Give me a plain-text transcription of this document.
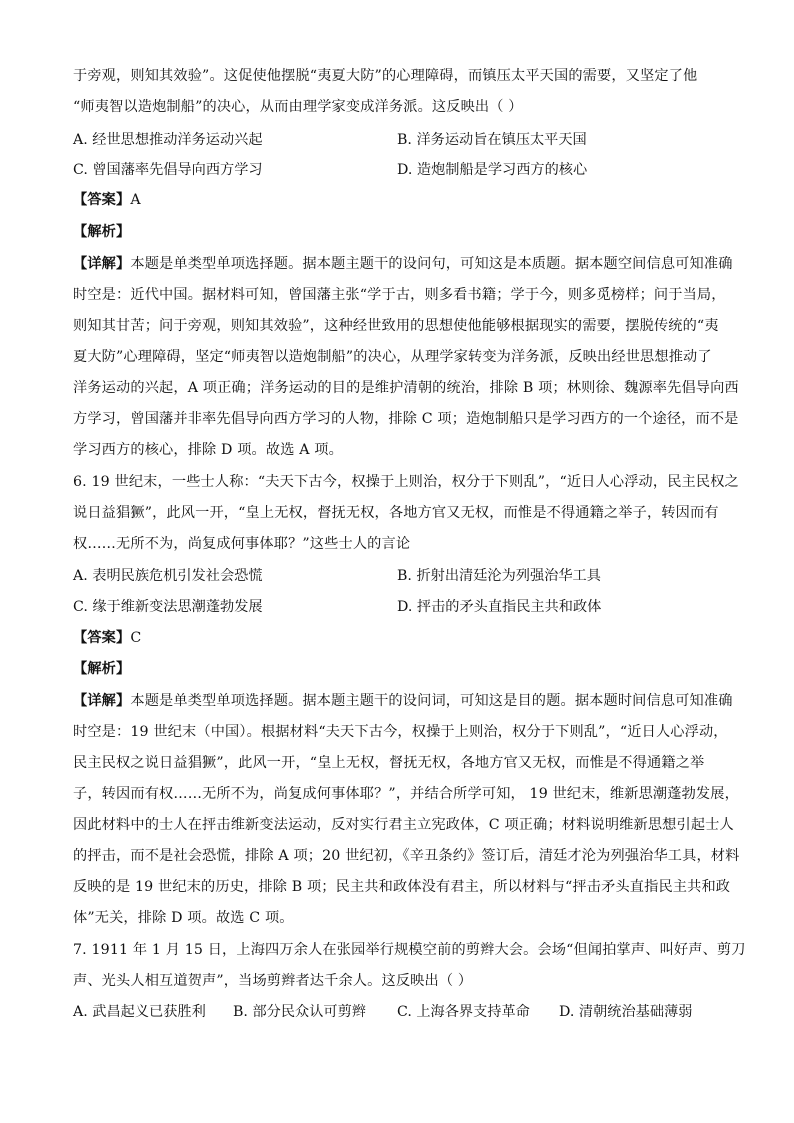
于旁观，则知其效验”。这促使他摆脱“夷夏大防”的心理障碍，而镇压太平天国的需要，又坚定了他
“师夷智以造炮制船”的决心，从而由理学家变成洋务派。这反映出（ ）
A. 经世思想推动洋务运动兴起	B. 洋务运动旨在镇压太平天国
C. 曾国藩率先倡导向西方学习	D. 造炮制船是学习西方的核心
【答案】A
【解析】
【详解】本题是单类型单项选择题。据本题主题干的设问句，可知这是本质题。据本题空间信息可知准确
时空是：近代中国。据材料可知，曾国藩主张“学于古，则多看书籍；学于今，则多觅榜样；问于当局，
则知其甘苦；问于旁观，则知其效验”，这种经世致用的思想使他能够根据现实的需要，摆脱传统的“夷
夏大防”心理障碍，坚定“师夷智以造炮制船”的决心，从理学家转变为洋务派，反映出经世思想推动了
洋务运动的兴起，A 项正确；洋务运动的目的是维护清朝的统治，排除 B 项；林则徐、魏源率先倡导向西
方学习，曾国藩并非率先倡导向西方学习的人物，排除 C 项；造炮制船只是学习西方的一个途径，而不是
学习西方的核心，排除 D 项。故选 A 项。
6. 19 世纪末，一些士人称：“夫天下古今，权操于上则治，权分于下则乱”，“近日人心浮动，民主民权之
说日益猖獗”，此风一开，“皇上无权，督抚无权，各地方官又无权，而惟是不得通籍之举子，转因而有
权……无所不为，尚复成何事体耶？”这些士人的言论
A. 表明民族危机引发社会恐慌	B. 折射出清廷沦为列强治华工具
C. 缘于维新变法思潮蓬勃发展	D. 抨击的矛头直指民主共和政体
【答案】C
【解析】
【详解】本题是单类型单项选择题。据本题主题干的设问词，可知这是目的题。据本题时间信息可知准确
时空是：19 世纪末（中国）。根据材料“夫天下古今，权操于上则治，权分于下则乱”，“近日人心浮动，
民主民权之说日益猖獗”，此风一开，“皇上无权，督抚无权，各地方官又无权，而惟是不得通籍之举
子，转因而有权……无所不为，尚复成何事体耶？”，并结合所学可知， 19 世纪末，维新思潮蓬勃发展，
因此材料中的士人在抨击维新变法运动，反对实行君主立宪政体，C 项正确；材料说明维新思想引起士人
的抨击，而不是社会恐慌，排除 A 项；20 世纪初，《辛丑条约》签订后，清廷才沦为列强治华工具，材料
反映的是 19 世纪末的历史，排除 B 项；民主共和政体没有君主，所以材料与“抨击矛头直指民主共和政
体”无关，排除 D 项。故选 C 项。
7. 1911 年 1 月 15 日，上海四万余人在张园举行规模空前的剪辫大会。会场“但闻拍掌声、叫好声、剪刀
声、光头人相互道贺声”，当场剪辫者达千余人。这反映出（ ）
A. 武昌起义已获胜利 B. 部分民众认可剪辫 C. 上海各界支持革命 D. 清朝统治基础薄弱
